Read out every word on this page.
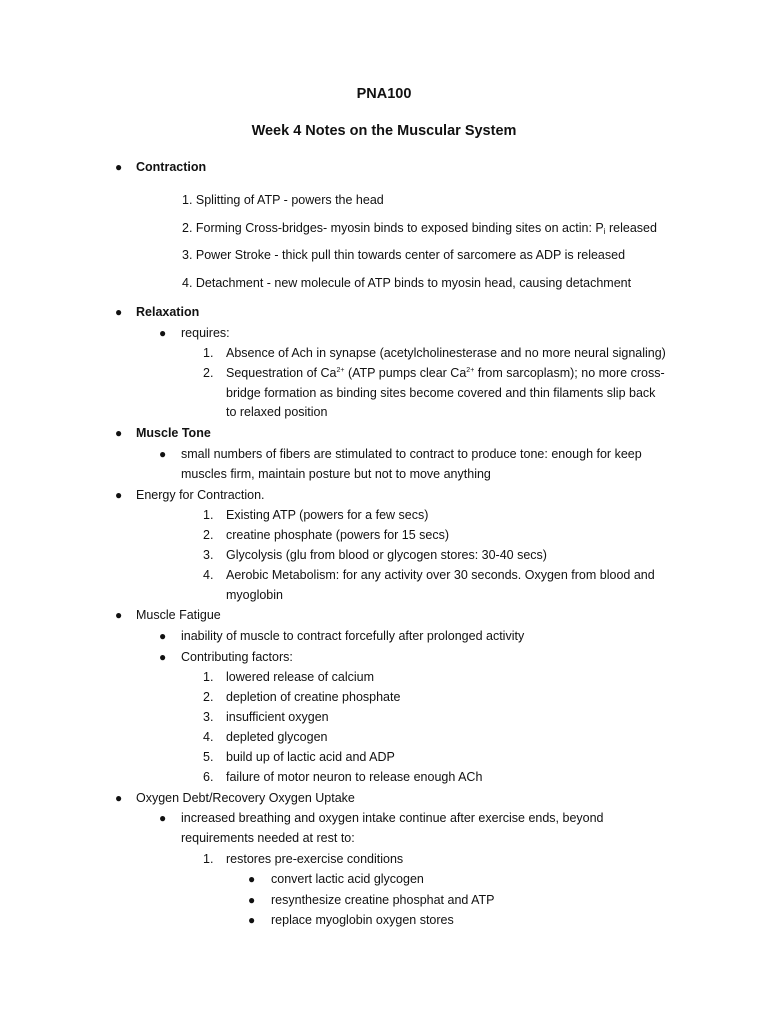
PNA100
Week 4 Notes on the Muscular System
● Contraction
1. Splitting of ATP - powers the head
2. Forming Cross-bridges- myosin binds to exposed binding sites on actin: $P_i$ released
3. Power Stroke - thick pull thin towards center of sarcomere as ADP is released
4. Detachment - new molecule of ATP binds to myosin head, causing detachment
● Relaxation
● requires:
1. Absence of Ach in synapse (acetylcholinesterase and no more neural signaling)
2. Sequestration of $Ca^{2+}$ (ATP pumps clear $Ca^{2+}$ from sarcoplasm); no more cross-
bridge formation as binding sites become covered and thin filaments slip back
to relaxed position
● Muscle Tone
● small numbers of fibers are stimulated to contract to produce tone: enough for keep
muscles firm, maintain posture but not to move anything
● Energy for Contraction.
1. Existing ATP (powers for a few secs)
2. creatine phosphate (powers for 15 secs)
3. Glycolysis (glu from blood or glycogen stores: 30-40 secs)
4. Aerobic Metabolism: for any activity over 30 seconds. Oxygen from blood and
myoglobin
● Muscle Fatigue
● inability of muscle to contract forcefully after prolonged activity
● Contributing factors:
1. lowered release of calcium
2. depletion of creatine phosphate
3. insufficient oxygen
4. depleted glycogen
5. build up of lactic acid and ADP
6. failure of motor neuron to release enough ACh
● Oxygen Debt/Recovery Oxygen Uptake
● increased breathing and oxygen intake continue after exercise ends, beyond
requirements needed at rest to:
1. restores pre-exercise conditions
● convert lactic acid glycogen
● resynthesize creatine phosphat and ATP
● replace myoglobin oxygen stores
